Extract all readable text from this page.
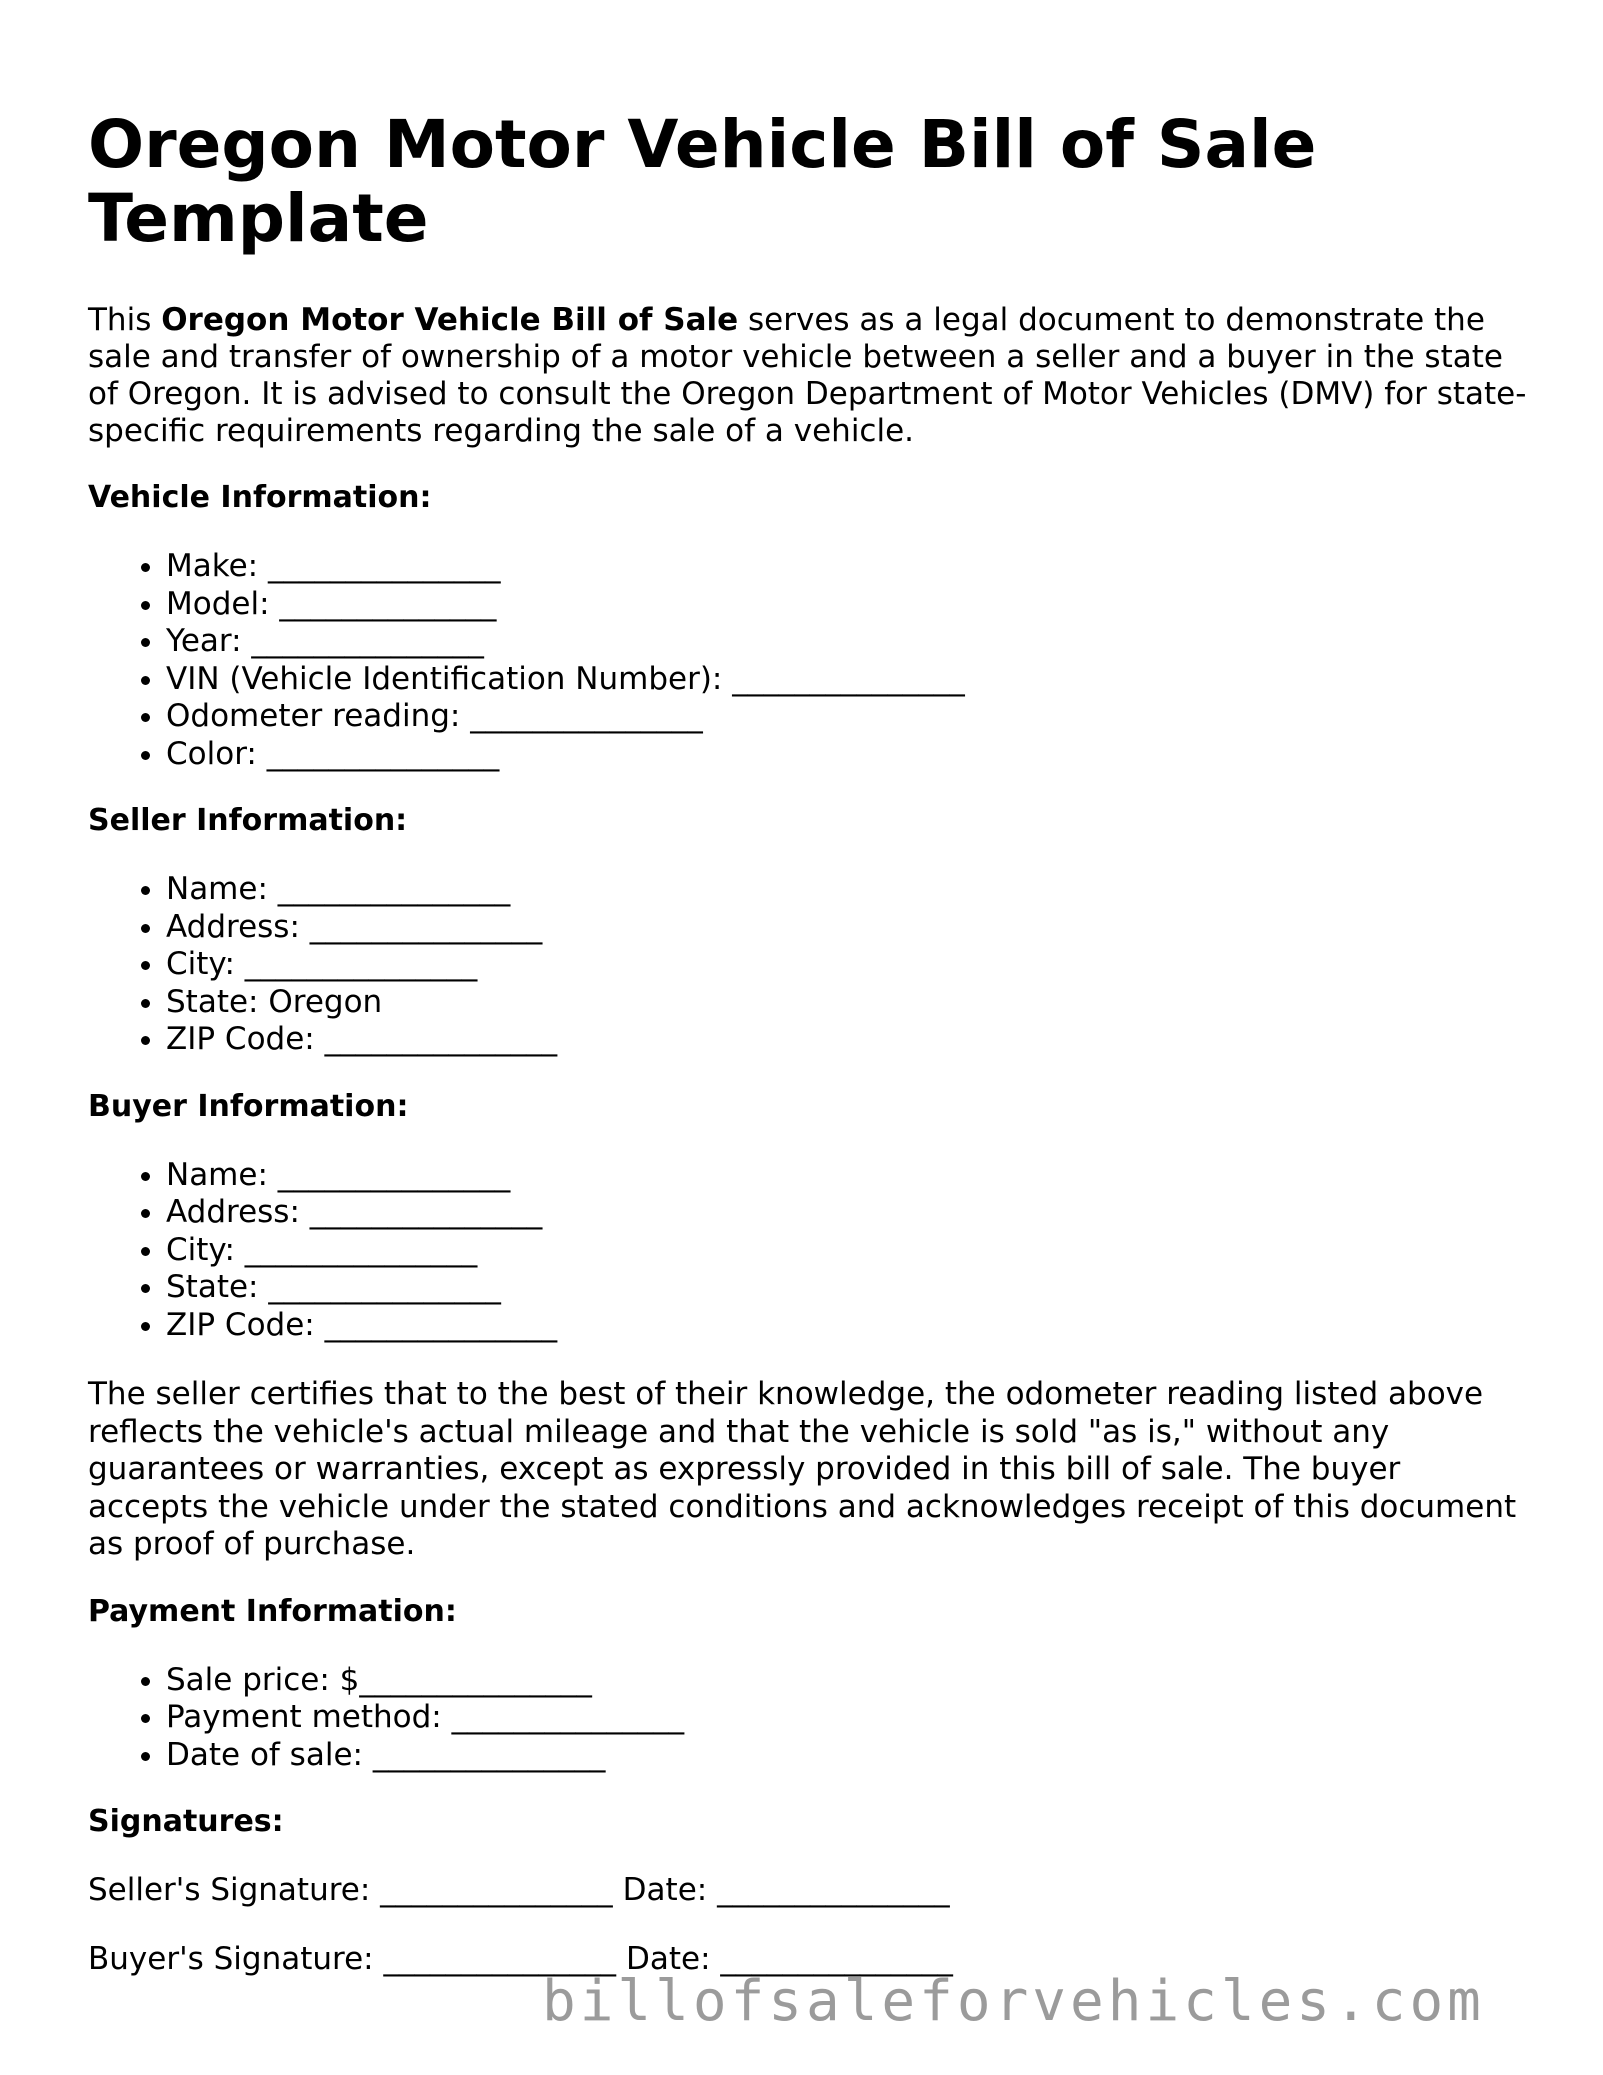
Oregon Motor Vehicle Bill of Sale Template

This Oregon Motor Vehicle Bill of Sale serves as a legal document to demonstrate the sale and transfer of ownership of a motor vehicle between a seller and a buyer in the state of Oregon. It is advised to consult the Oregon Department of Motor Vehicles (DMV) for state-specific requirements regarding the sale of a vehicle.

Vehicle Information:
• Make: _______________
• Model: ______________
• Year: _______________
• VIN (Vehicle Identification Number): _______________
• Odometer reading: _______________
• Color: _______________
Seller Information:
• Name: _______________
• Address: _______________
• City: _______________
• State: Oregon
• ZIP Code: _______________
Buyer Information:
• Name: _______________
• Address: _______________
• City: _______________
• State: _______________
• ZIP Code: _______________

The seller certifies that to the best of their knowledge, the odometer reading listed above reflects the vehicle's actual mileage and that the vehicle is sold "as is," without any guarantees or warranties, except as expressly provided in this bill of sale. The buyer accepts the vehicle under the stated conditions and acknowledges receipt of this document as proof of purchase.

Payment Information:
• Sale price: $_______________
• Payment method: _______________
• Date of sale: _______________
Signatures:
Seller's Signature: _______________ Date: _______________
Buyer's Signature: _______________ Date: _______________
billofsaleforvehicles.com
